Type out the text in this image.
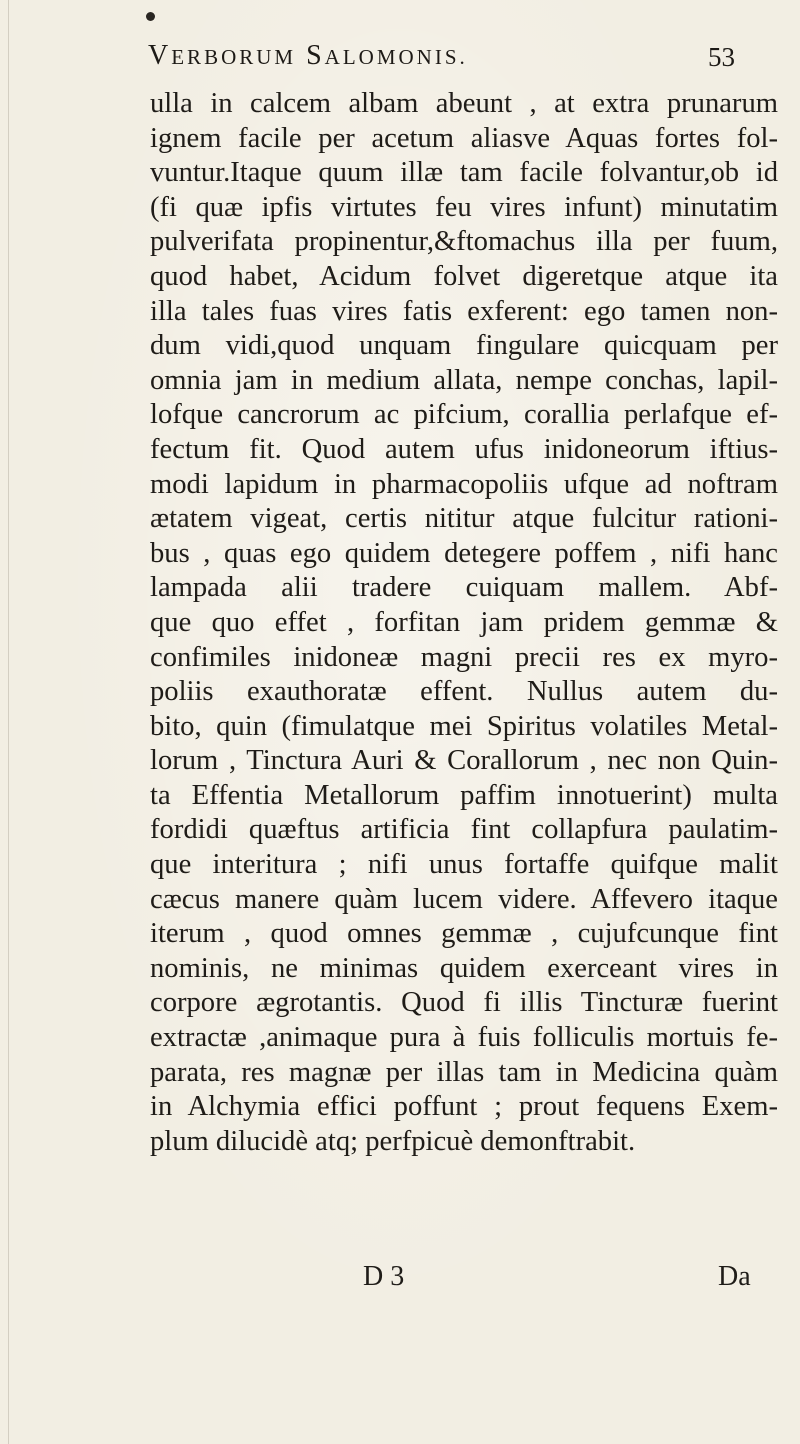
VERBORUM SALOMONIS.	53
ulla in calcem albam abeunt , at extra prunarum
ignem facile per acetum aliasve Aquas fortes fol-
vuntur.Itaque quum illæ tam facile folvantur,ob id
(fi quæ ipfis virtutes feu vires infunt) minutatim
pulverifata propinentur,&ftomachus illa per fuum,
quod habet, Acidum folvet digeretque atque ita
illa tales fuas vires fatis exferent: ego tamen non-
dum vidi,quod unquam fingulare quicquam per
omnia jam in medium allata, nempe conchas, lapil-
lofque cancrorum ac pifcium, corallia perlafque ef-
fectum fit. Quod autem ufus inidoneorum iftius-
modi lapidum in pharmacopoliis ufque ad noftram
ætatem vigeat, certis nititur atque fulcitur rationi-
bus , quas ego quidem detegere poffem , nifi hanc
lampada alii tradere cuiquam mallem. Abf-
que quo effet , forfitan jam pridem gemmæ &
confimiles inidoneæ magni precii res ex myro-
poliis exauthoratæ effent. Nullus autem du-
bito, quin (fimulatque mei Spiritus volatiles Metal-
lorum , Tinctura Auri & Corallorum , nec non Quin-
ta Effentia Metallorum paffim innotuerint) multa
fordidi quæftus artificia fint collapfura paulatim-
que interitura ; nifi unus fortaffe quifque malit
cæcus manere quàm lucem videre. Affevero itaque
iterum , quod omnes gemmæ , cujufcunque fint
nominis, ne minimas quidem exerceant vires in
corpore ægrotantis. Quod fi illis Tincturæ fuerint
extractæ ,animaque pura à fuis folliculis mortuis fe-
parata, res magnæ per illas tam in Medicina quàm
in Alchymia effici poffunt ; prout fequens Exem-
plum dilucidè atq; perfpicuè demonftrabit.
D 3	Da
